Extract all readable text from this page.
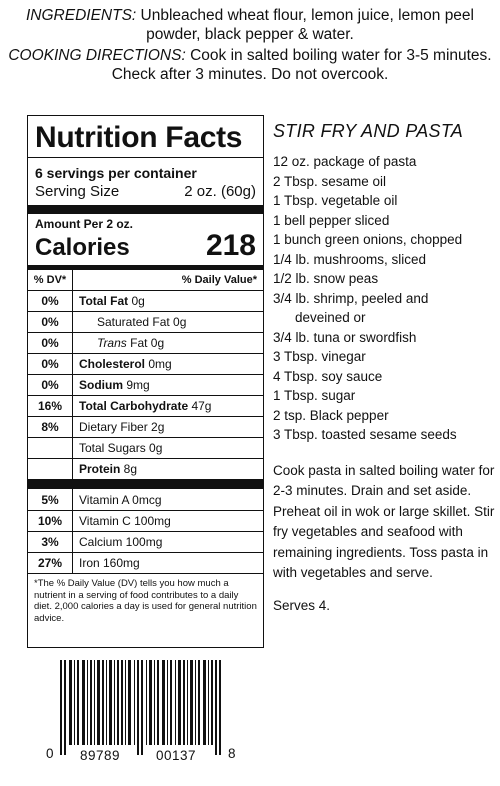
INGREDIENTS: Unbleached wheat flour, lemon juice, lemon peel powder, black pepper & water.
COOKING DIRECTIONS: Cook in salted boiling water for 3-5 minutes. Check after 3 minutes. Do not overcook.
Nutrition Facts
6 servings per container
Serving Size	2 oz. (60g)
Amount Per 2 oz.
Calories	218
% DV*	% Daily Value*
0%	Total Fat 0g
0%	Saturated Fat 0g
0%	Trans Fat 0g
0%	Cholesterol 0mg
0%	Sodium 9mg
16%	Total Carbohydrate 47g
8%	Dietary Fiber 2g
Total Sugars 0g
Protein 8g
5%	Vitamin A 0mcg
10%	Vitamin C 100mg
3%	Calcium 100mg
27%	Iron 160mg
*The % Daily Value (DV) tells you how much a nutrient in a serving of food contributes to a daily diet. 2,000 calories a day is used for general nutrition advice.
STIR FRY AND PASTA
12 oz. package of pasta
2 Tbsp. sesame oil
1 Tbsp. vegetable oil
1 bell pepper sliced
1 bunch green onions, chopped
1/4 lb. mushrooms, sliced
1/2 lb. snow peas
3/4 lb. shrimp, peeled and
deveined or
3/4 lb. tuna or swordfish
3 Tbsp. vinegar
4 Tbsp. soy sauce
1 Tbsp. sugar
2 tsp. Black pepper
3 Tbsp. toasted sesame seeds
Cook pasta in salted boiling water for 2-3 minutes. Drain and set aside. Preheat oil in wok or large skillet. Stir fry vegetables and seafood with remaining ingredients. Toss pasta in with vegetables and serve.
Serves 4.
0 89789	00137 8
